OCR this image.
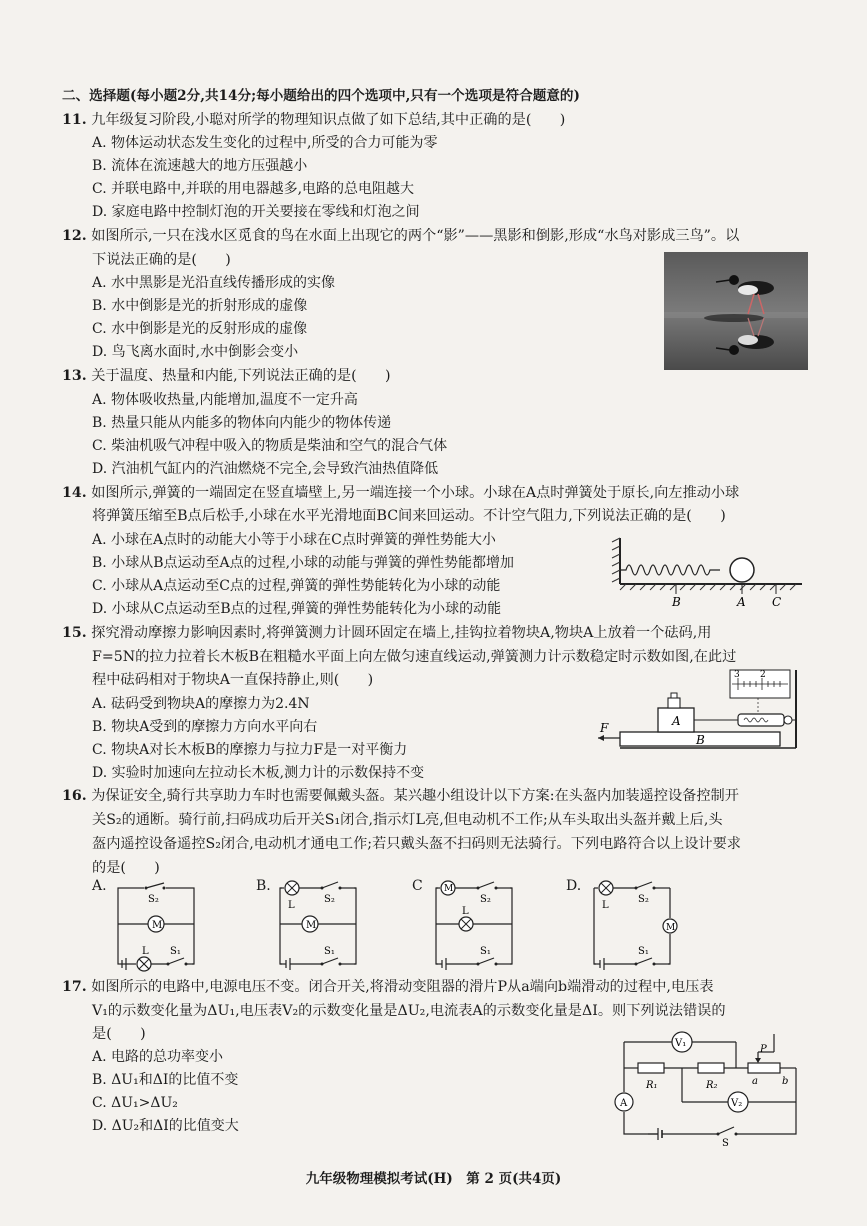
二、选择题(每小题2分,共14分;每小题给出的四个选项中,只有一个选项是符合题意的)
11. 九年级复习阶段,小聪对所学的物理知识点做了如下总结,其中正确的是(　　)
A. 物体运动状态发生变化的过程中,所受的合力可能为零
B. 流体在流速越大的地方压强越小
C. 并联电路中,并联的用电器越多,电路的总电阻越大
D. 家庭电路中控制灯泡的开关要接在零线和灯泡之间
12. 如图所示,一只在浅水区觅食的鸟在水面上出现它的两个“影”——黑影和倒影,形成“水鸟对影成三鸟”。以
下说法正确的是(　　)
A. 水中黑影是光沿直线传播形成的实像
B. 水中倒影是光的折射形成的虚像
C. 水中倒影是光的反射形成的虚像
D. 鸟飞离水面时,水中倒影会变小
13. 关于温度、热量和内能,下列说法正确的是(　　)
A. 物体吸收热量,内能增加,温度不一定升高
B. 热量只能从内能多的物体向内能少的物体传递
C. 柴油机吸气冲程中吸入的物质是柴油和空气的混合气体
D. 汽油机气缸内的汽油燃烧不完全,会导致汽油热值降低
14. 如图所示,弹簧的一端固定在竖直墙壁上,另一端连接一个小球。小球在A点时弹簧处于原长,向左推动小球
将弹簧压缩至B点后松手,小球在水平光滑地面BC间来回运动。不计空气阻力,下列说法正确的是(　　)
A. 小球在A点时的动能大小等于小球在C点时弹簧的弹性势能大小
B. 小球从B点运动至A点的过程,小球的动能与弹簧的弹性势能都增加
C. 小球从A点运动至C点的过程,弹簧的弹性势能转化为小球的动能
D. 小球从C点运动至B点的过程,弹簧的弹性势能转化为小球的动能	B	A C
15. 探究滑动摩擦力影响因素时,将弹簧测力计圆环固定在墙上,挂钩拉着物块A,物块A上放着一个砝码,用
F=5N的拉力拉着长木板B在粗糙水平面上向左做匀速直线运动,弹簧测力计示数稳定时示数如图,在此过
程中砝码相对于物块A一直保持静止,则(　　)
A. 砝码受到物块A的摩擦力为2.4N
B. 物块A受到的摩擦力方向水平向右
C. 物块A对长木板B的摩擦力与拉力F是一对平衡力
D. 实验时加速向左拉动长木板,测力计的示数保持不变
B
F	A
3 2
16. 为保证安全,骑行共享助力车时也需要佩戴头盔。某兴趣小组设计以下方案:在头盔内加装遥控设备控制开
关S₂的通断。骑行前,扫码成功后开关S₁闭合,指示灯L亮,但电动机不工作;从车头取出头盔并戴上后,头
盔内遥控设备遥控S₂闭合,电动机才通电工作;若只戴头盔不扫码则无法骑行。下列电路符合以上设计要求
的是(　　)
A.
S₂
M
L S₁
B.
L
S₂
M
S₁
C M
S₂
L
S₁
D.
L
S₂
M
S₁
17. 如图所示的电路中,电源电压不变。闭合开关,将滑动变阻器的滑片P从a端向b端滑动的过程中,电压表
V₁的示数变化量为ΔU₁,电压表V₂的示数变化量是ΔU₂,电流表A的示数变化量是ΔI。则下列说法错误的
是(　　)
A. 电路的总功率变小
B. ΔU₁和ΔI的比值不变
C. ΔU₁>ΔU₂
D. ΔU₂和ΔI的比值变大
V₁
P
a b
R₁	R₂
V₂
A
S
九年级物理模拟考试(H)　第 2 页(共4页)
